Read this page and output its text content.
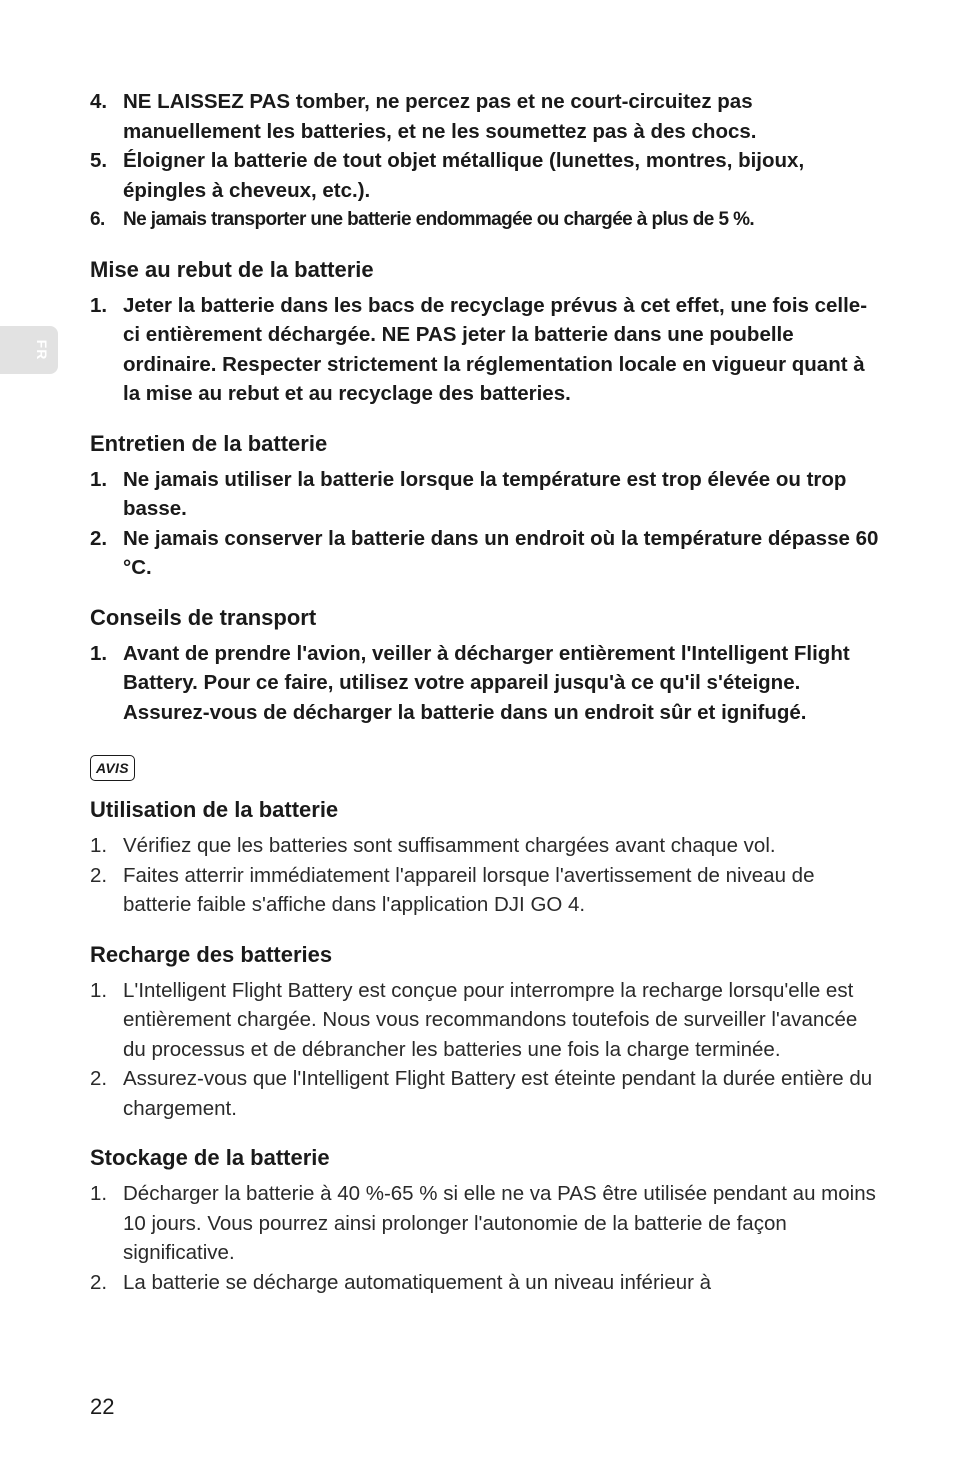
FR
4. NE LAISSEZ PAS tomber, ne percez pas et ne court-circuitez pas manuellement les batteries, et ne les soumettez pas à des chocs.
5. Éloigner la batterie de tout objet métallique (lunettes, montres, bijoux, épingles à cheveux, etc.).
6. Ne jamais transporter une batterie endommagée ou chargée à plus de 5 %.
Mise au rebut de la batterie
1. Jeter la batterie dans les bacs de recyclage prévus à cet effet, une fois celle-ci entièrement déchargée. NE PAS jeter la batterie dans une poubelle ordinaire. Respecter strictement la réglementation locale en vigueur quant à la mise au rebut et au recyclage des batteries.
Entretien de la batterie
1. Ne jamais utiliser la batterie lorsque la température est trop élevée ou trop basse.
2. Ne jamais conserver la batterie dans un endroit où la température dépasse 60 °C.
Conseils de transport
1. Avant de prendre l'avion, veiller à décharger entièrement l'Intelligent Flight Battery. Pour ce faire, utilisez votre appareil jusqu'à ce qu'il s'éteigne. Assurez-vous de décharger la batterie dans un endroit sûr et ignifugé.
AVIS
Utilisation de la batterie
1. Vérifiez que les batteries sont suffisamment chargées avant chaque vol.
2. Faites atterrir immédiatement l'appareil lorsque l'avertissement de niveau de batterie faible s'affiche dans l'application DJI GO 4.
Recharge des batteries
1. L'Intelligent Flight Battery est conçue pour interrompre la recharge lorsqu'elle est entièrement chargée. Nous vous recommandons toutefois de surveiller l'avancée du processus et de débrancher les batteries une fois la charge terminée.
2. Assurez-vous que l'Intelligent Flight Battery est éteinte pendant la durée entière du chargement.
Stockage de la batterie
1. Décharger la batterie à 40 %-65 % si elle ne va PAS être utilisée pendant au moins 10 jours. Vous pourrez ainsi prolonger l'autonomie de la batterie de façon significative.
2. La batterie se décharge automatiquement à un niveau inférieur à
22
